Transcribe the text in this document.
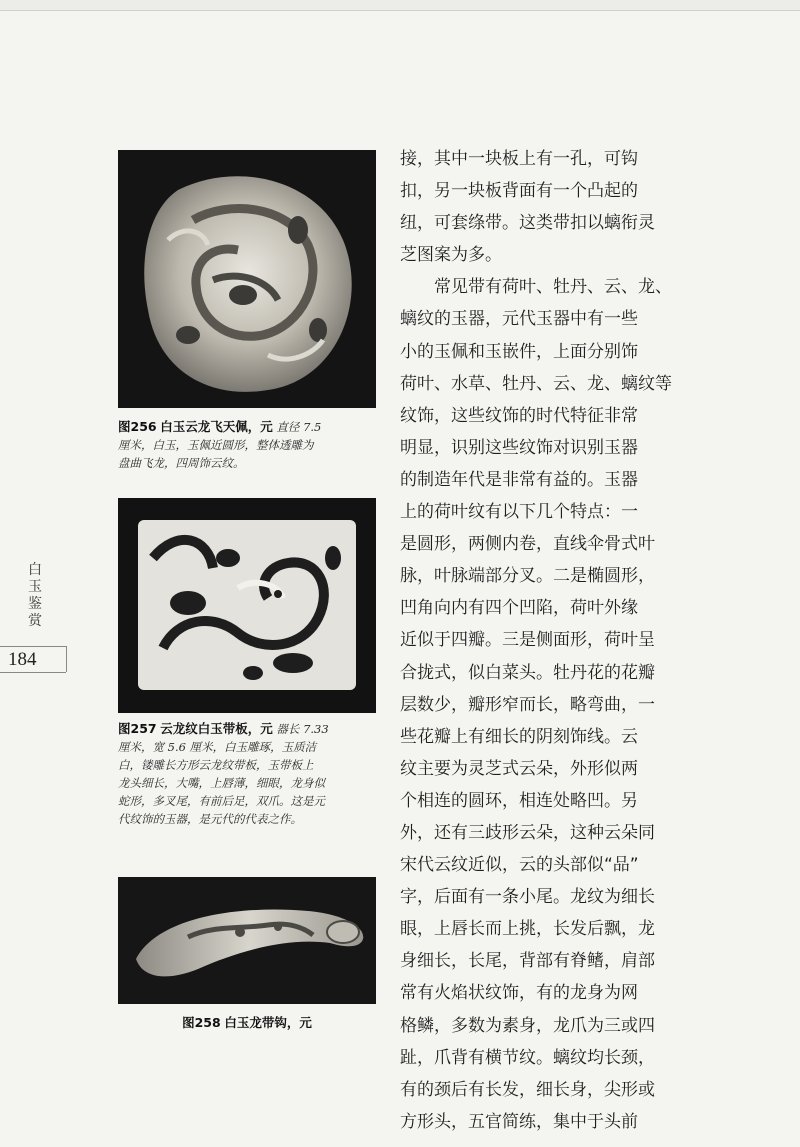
图256 白玉云龙飞天佩，元 直径 7.5
厘米，白玉，玉佩近圆形，整体透雕为
盘曲飞龙，四周饰云纹。
图257 云龙纹白玉带板，元 器长 7.33
厘米，宽 5.6 厘米，白玉雕琢，玉质洁
白，镂雕长方形云龙纹带板，玉带板上
龙头细长，大嘴，上唇薄，细眼，龙身似
蛇形，多叉尾，有前后足，双爪。这是元
代纹饰的玉器，是元代的代表之作。
图258 白玉龙带钩，元
白
玉
鉴
赏
184
接，其中一块板上有一孔，可钩
扣，另一块板背面有一个凸起的
纽，可套绦带。这类带扣以螭衔灵
芝图案为多。
　　常见带有荷叶、牡丹、云、龙、
螭纹的玉器，元代玉器中有一些
小的玉佩和玉嵌件，上面分别饰
荷叶、水草、牡丹、云、龙、螭纹等
纹饰，这些纹饰的时代特征非常
明显，识别这些纹饰对识别玉器
的制造年代是非常有益的。玉器
上的荷叶纹有以下几个特点：一
是圆形，两侧内卷，直线伞骨式叶
脉，叶脉端部分叉。二是椭圆形，
凹角向内有四个凹陷，荷叶外缘
近似于四瓣。三是侧面形，荷叶呈
合拢式，似白菜头。牡丹花的花瓣
层数少，瓣形窄而长，略弯曲，一
些花瓣上有细长的阴刻饰线。云
纹主要为灵芝式云朵，外形似两
个相连的圆环，相连处略凹。另
外，还有三歧形云朵，这种云朵同
宋代云纹近似，云的头部似“品”
字，后面有一条小尾。龙纹为细长
眼，上唇长而上挑，长发后飘，龙
身细长，长尾，背部有脊鳍，肩部
常有火焰状纹饰，有的龙身为网
格鳞，多数为素身，龙爪为三或四
趾，爪背有横节纹。螭纹均长颈，
有的颈后有长发，细长身，尖形或
方形头，五官简练，集中于头前
